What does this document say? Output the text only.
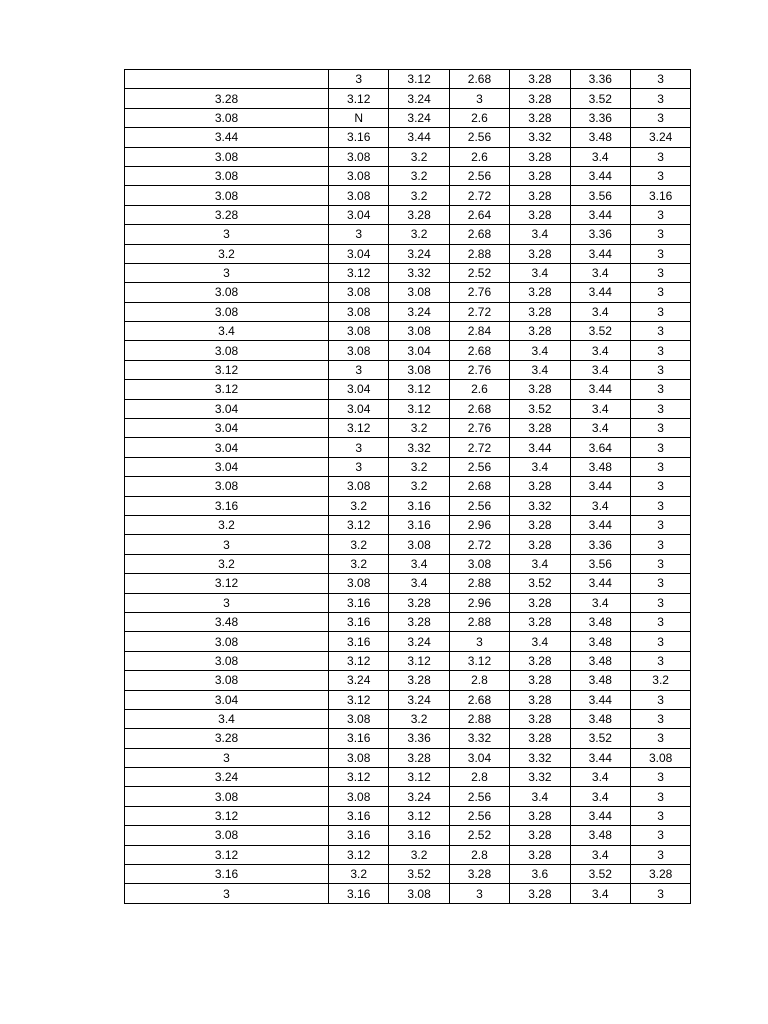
	3	3.12	2.68	3.28	3.36	3
3.28	3.12	3.24	3	3.28	3.52	3
3.08	N	3.24	2.6	3.28	3.36	3
3.44	3.16	3.44	2.56	3.32	3.48	3.24
3.08	3.08	3.2	2.6	3.28	3.4	3
3.08	3.08	3.2	2.56	3.28	3.44	3
3.08	3.08	3.2	2.72	3.28	3.56	3.16
3.28	3.04	3.28	2.64	3.28	3.44	3
3	3	3.2	2.68	3.4	3.36	3
3.2	3.04	3.24	2.88	3.28	3.44	3
3	3.12	3.32	2.52	3.4	3.4	3
3.08	3.08	3.08	2.76	3.28	3.44	3
3.08	3.08	3.24	2.72	3.28	3.4	3
3.4	3.08	3.08	2.84	3.28	3.52	3
3.08	3.08	3.04	2.68	3.4	3.4	3
3.12	3	3.08	2.76	3.4	3.4	3
3.12	3.04	3.12	2.6	3.28	3.44	3
3.04	3.04	3.12	2.68	3.52	3.4	3
3.04	3.12	3.2	2.76	3.28	3.4	3
3.04	3	3.32	2.72	3.44	3.64	3
3.04	3	3.2	2.56	3.4	3.48	3
3.08	3.08	3.2	2.68	3.28	3.44	3
3.16	3.2	3.16	2.56	3.32	3.4	3
3.2	3.12	3.16	2.96	3.28	3.44	3
3	3.2	3.08	2.72	3.28	3.36	3
3.2	3.2	3.4	3.08	3.4	3.56	3
3.12	3.08	3.4	2.88	3.52	3.44	3
3	3.16	3.28	2.96	3.28	3.4	3
3.48	3.16	3.28	2.88	3.28	3.48	3
3.08	3.16	3.24	3	3.4	3.48	3
3.08	3.12	3.12	3.12	3.28	3.48	3
3.08	3.24	3.28	2.8	3.28	3.48	3.2
3.04	3.12	3.24	2.68	3.28	3.44	3
3.4	3.08	3.2	2.88	3.28	3.48	3
3.28	3.16	3.36	3.32	3.28	3.52	3
3	3.08	3.28	3.04	3.32	3.44	3.08
3.24	3.12	3.12	2.8	3.32	3.4	3
3.08	3.08	3.24	2.56	3.4	3.4	3
3.12	3.16	3.12	2.56	3.28	3.44	3
3.08	3.16	3.16	2.52	3.28	3.48	3
3.12	3.12	3.2	2.8	3.28	3.4	3
3.16	3.2	3.52	3.28	3.6	3.52	3.28
3	3.16	3.08	3	3.28	3.4	3
